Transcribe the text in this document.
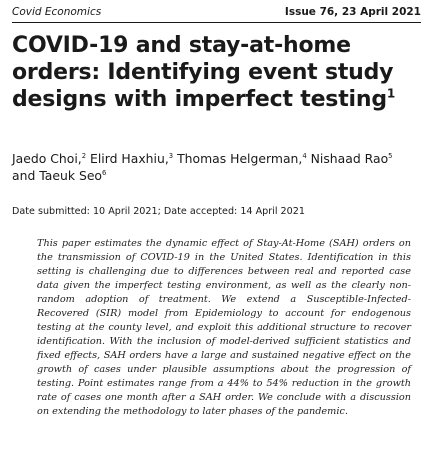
Covid Economics	Issue 76, 23 April 2021
COVID-19 and stay-at-home orders: Identifying event study designs with imperfect testing$^1$
Jaedo Choi,$^2$ Elird Haxhiu,$^3$ Thomas Helgerman,$^4$ Nishaad Rao$^5$
and Taeuk Seo$^6$
Date submitted: 10 April 2021; Date accepted: 14 April 2021
This paper estimates the dynamic effect of Stay-At-Home (SAH) orders on the transmission of COVID-19 in the United States. Identification in this setting is challenging due to differences between real and reported case data given the imperfect testing environment, as well as the clearly non-random adoption of treatment. We extend a Susceptible-Infected-Recovered (SIR) model from Epidemiology to account for endogenous testing at the county level, and exploit this additional structure to recover identification. With the inclusion of model-derived sufficient statistics and fixed effects, SAH orders have a large and sustained negative effect on the growth of cases under plausible assumptions about the progression of testing. Point estimates range from a 44% to 54% reduction in the growth rate of cases one month after a SAH order. We conclude with a discussion on extending the methodology to later phases of the pandemic.
